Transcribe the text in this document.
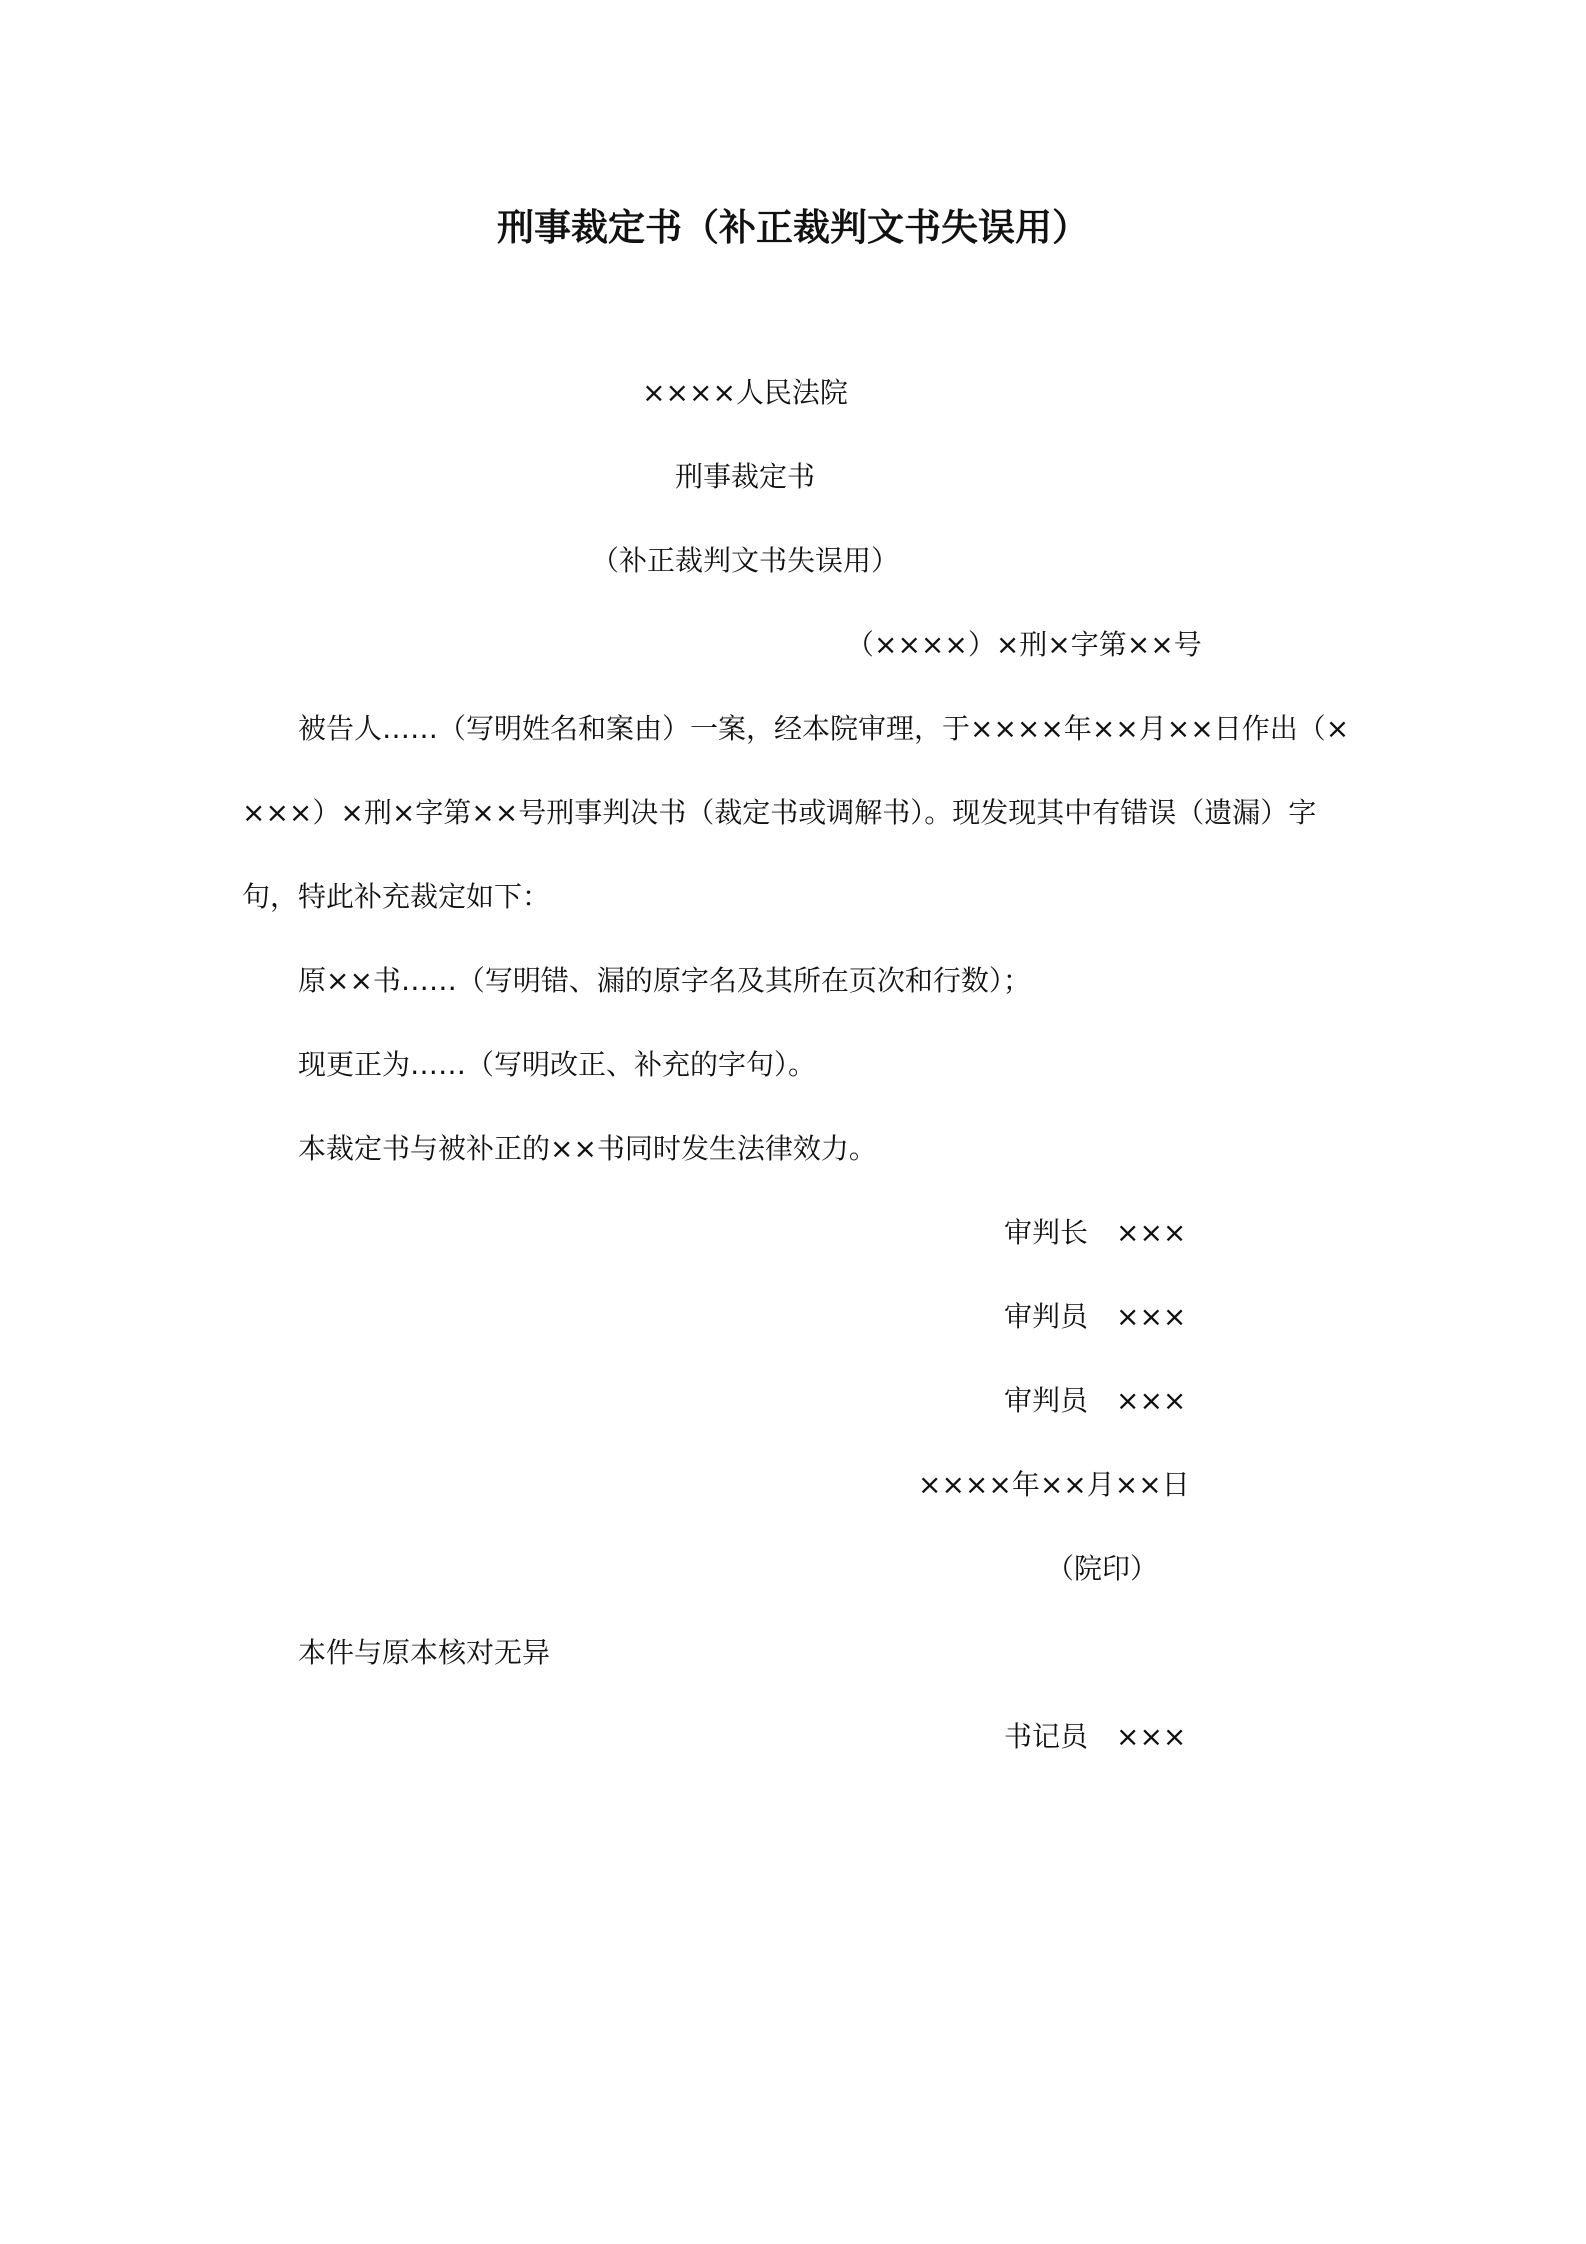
刑事裁定书（补正裁判文书失误用）
××××人民法院
刑事裁定书
（补正裁判文书失误用）
（××××）×刑×字第××号
被告人……（写明姓名和案由）一案，经本院审理，于××××年××月××日作出（×
×××）×刑×字第××号刑事判决书（裁定书或调解书）。现发现其中有错误（遗漏）字
句，特此补充裁定如下：
原××书……（写明错、漏的原字名及其所在页次和行数）；
现更正为……（写明改正、补充的字句）。
本裁定书与被补正的××书同时发生法律效力。
审判长 ×××
审判员 ×××
审判员 ×××
××××年××月××日
（院印）
本件与原本核对无异
书记员 ×××
